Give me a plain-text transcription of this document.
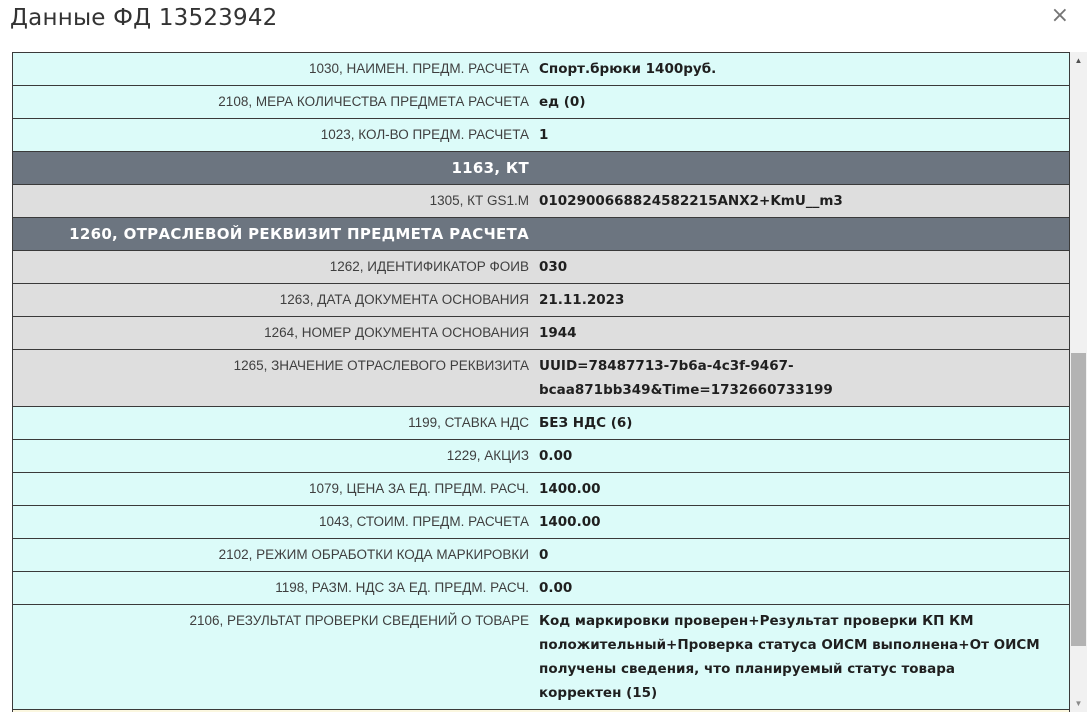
Данные ФД 13523942	×
1030, НАИМЕН. ПРЕДМ. РАСЧЕТА Спорт.брюки 1400руб.
2108, МЕРА КОЛИЧЕСТВА ПРЕДМЕТА РАСЧЕТА ед (0)
1023, КОЛ-ВО ПРЕДМ. РАСЧЕТА 1
1163, КТ
1305, КТ GS1.M 0102900668824582215ANX2+KmU__m3
1260, ОТРАСЛЕВОЙ РЕКВИЗИТ ПРЕДМЕТА РАСЧЕТА
1262, ИДЕНТИФИКАТОР ФОИВ 030
1263, ДАТА ДОКУМЕНТА ОСНОВАНИЯ 21.11.2023
1264, НОМЕР ДОКУМЕНТА ОСНОВАНИЯ 1944
1265, ЗНАЧЕНИЕ ОТРАСЛЕВОГО РЕКВИЗИТА UUID=78487713-7b6a-4c3f-9467-bcaa871bb349&Time=1732660733199
1199, СТАВКА НДС БЕЗ НДС (6)
1229, АКЦИЗ 0.00
1079, ЦЕНА ЗА ЕД. ПРЕДМ. РАСЧ. 1400.00
1043, СТОИМ. ПРЕДМ. РАСЧЕТА 1400.00
2102, РЕЖИМ ОБРАБОТКИ КОДА МАРКИРОВКИ 0
1198, РАЗМ. НДС ЗА ЕД. ПРЕДМ. РАСЧ. 0.00
2106, РЕЗУЛЬТАТ ПРОВЕРКИ СВЕДЕНИЙ О ТОВАРЕ Код маркировки проверен+Результат проверки КП КМ положительный+Проверка статуса ОИСМ выполнена+От ОИСМ получены сведения, что планируемый статус товара корректен (15)
▲
▼
